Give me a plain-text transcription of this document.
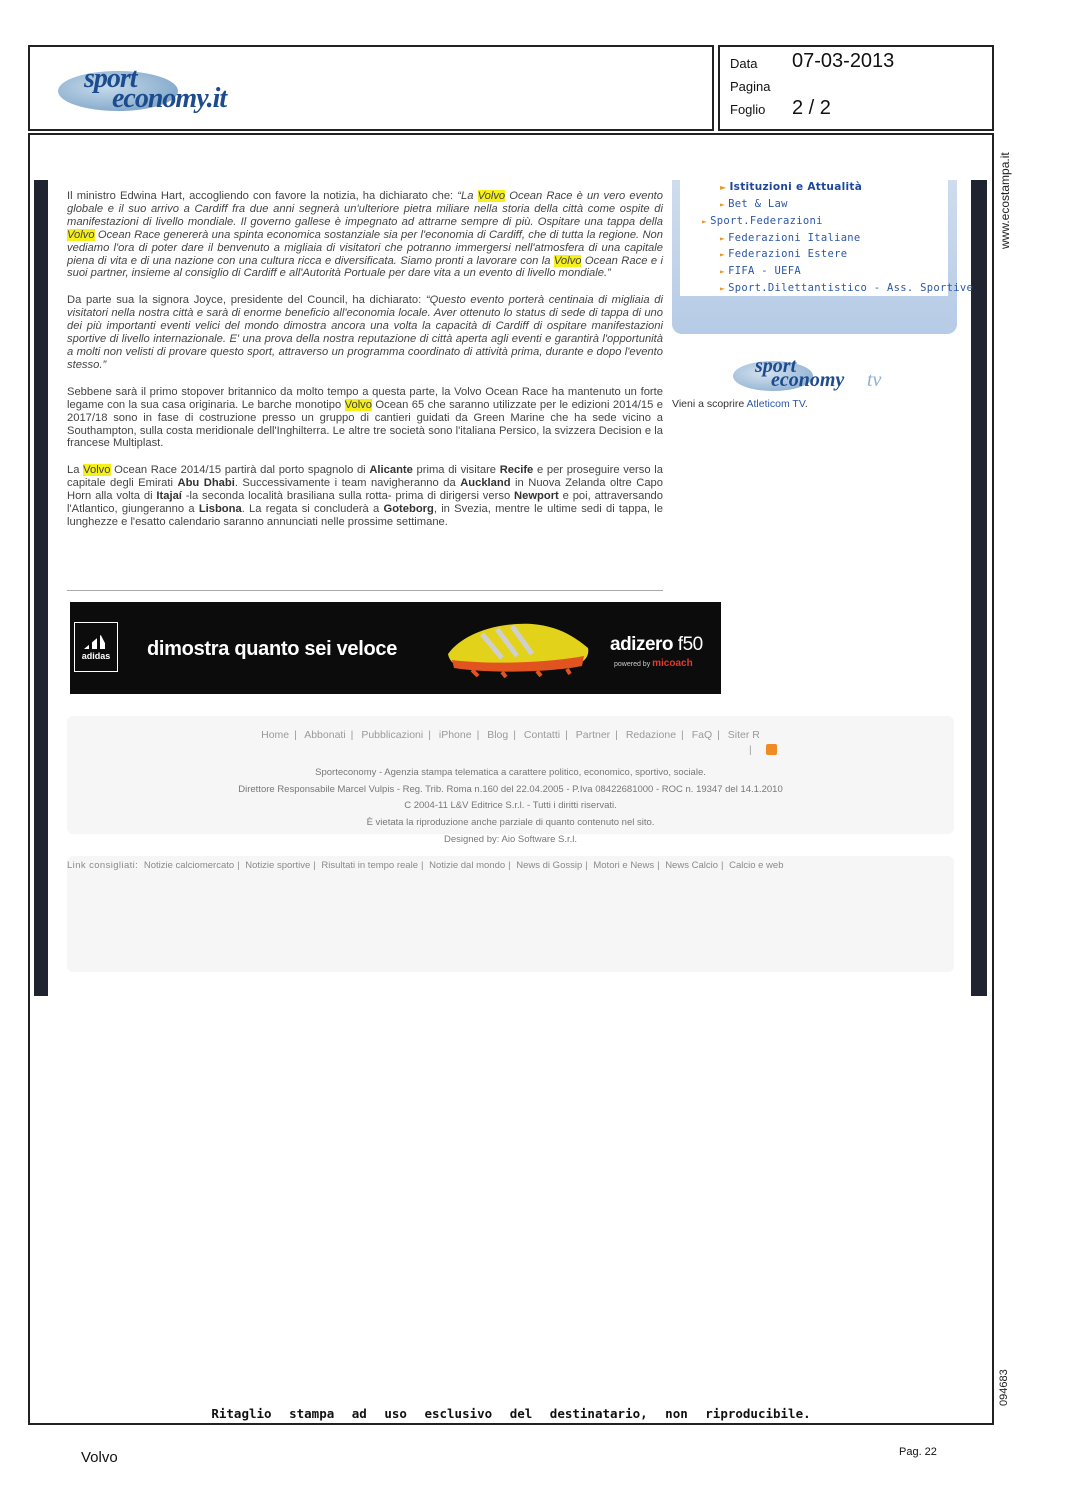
sport
economy.it
Data 07-03-2013
Pagina
Foglio 2 / 2
www.ecostampa.it
094683

Il ministro Edwina Hart, accogliendo con favore la notizia, ha dichiarato che: “La Volvo Ocean Race è un vero evento globale e il suo arrivo a Cardiff fra due anni segnerà un'ulteriore pietra miliare nella storia della città come ospite di manifestazioni di livello mondiale. Il governo gallese è impegnato ad attrarne sempre di più. Ospitare una tappa della Volvo Ocean Race genererà una spinta economica sostanziale sia per l'economia di Cardiff, che di tutta la regione. Non vediamo l'ora di poter dare il benvenuto a migliaia di visitatori che potranno immergersi nell'atmosfera di una capitale piena di vita e di una nazione con una cultura ricca e diversificata. Siamo pronti a lavorare con la Volvo Ocean Race e i suoi partner, insieme al consiglio di Cardiff e all'Autorità Portuale per dare vita a un evento di livello mondiale.”

Da parte sua la signora Joyce, presidente del Council, ha dichiarato: “Questo evento porterà centinaia di migliaia di visitatori nella nostra città e sarà di enorme beneficio all'economia locale. Aver ottenuto lo status di sede di tappa di uno dei più importanti eventi velici del mondo dimostra ancora una volta la capacità di Cardiff di ospitare manifestazioni sportive di livello internazionale. E' una prova della nostra reputazione di città aperta agli eventi e garantirà l'opportunità a molti non velisti di provare questo sport, attraverso un programma coordinato di attività prima, durante e dopo l'evento stesso.”

Sebbene sarà il primo stopover britannico da molto tempo a questa parte, la Volvo Ocean Race ha mantenuto un forte legame con la sua casa originaria. Le barche monotipo Volvo Ocean 65 che saranno utilizzate per le edizioni 2014/15 e 2017/18 sono in fase di costruzione presso un gruppo di cantieri guidati da Green Marine che ha sede vicino a Southampton, sulla costa meridionale dell'Inghilterra. Le altre tre società sono l'italiana Persico, la svizzera Decision e la francese Multiplast.

La Volvo Ocean Race 2014/15 partirà dal porto spagnolo di Alicante prima di visitare Recife e per proseguire verso la capitale degli Emirati Abu Dhabi. Successivamente i team navigheranno da Auckland in Nuova Zelanda oltre Capo Horn alla volta di Itajaí -la seconda località brasiliana sulla rotta- prima di dirigersi verso Newport e poi, attraversando l'Atlantico, giungeranno a Lisbona. La regata si concluderà a Goteborg, in Svezia, mentre le ultime sedi di tappa, le lunghezze e l'esatto calendario saranno annunciati nelle prossime settimane.

► Istituzioni e Attualità
► Bet & Law
► Sport.Federazioni
► Federazioni Italiane
► Federazioni Estere
► FIFA - UEFA
► Sport.Dilettantistico - Ass. Sportive
sport
economy tv
Vieni a scoprire Atleticom TV.
adidas	dimostra quanto sei veloce	adizero f50
powered by micoach
Home | Abbonati | Pubblicazioni | iPhone | Blog | Contatti | Partner | Redazione | FaQ | Siter R
|
Sporteconomy - Agenzia stampa telematica a carattere politico, economico, sportivo, sociale.
Direttore Responsabile Marcel Vulpis - Reg. Trib. Roma n.160 del 22.04.2005 - P.Iva 08422681000 - ROC n. 19347 del 14.1.2010
C 2004-11 L&V Editrice S.r.l. - Tutti i diritti riservati.
È vietata la riproduzione anche parziale di quanto contenuto nel sito.
Designed by: Aio Software S.r.l.
Link consigliati: Notizie calciomercato | Notizie sportive | Risultati in tempo reale | Notizie dal mondo | News di Gossip | Motori e News | News Calcio | Calcio e web
Ritaglio stampa ad uso esclusivo del destinatario, non riproducibile.
Volvo	Pag. 22
